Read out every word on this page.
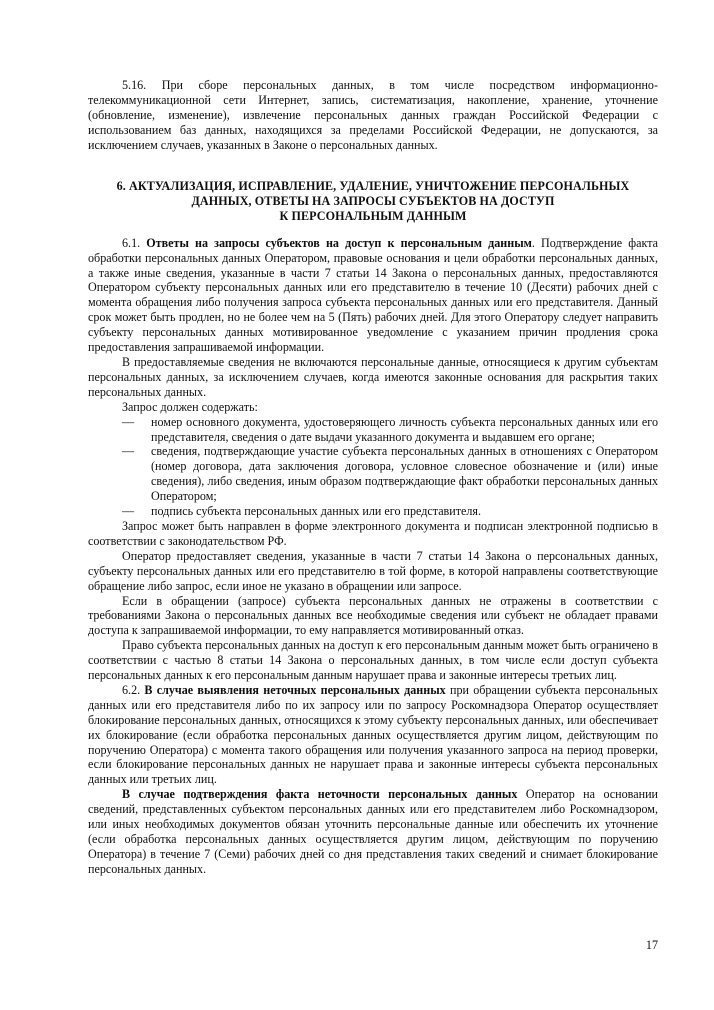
5.16. При сборе персональных данных, в том числе посредством информационно-телекоммуникационной сети Интернет, запись, систематизация, накопление, хранение, уточнение (обновление, изменение), извлечение персональных данных граждан Российской Федерации с использованием баз данных, находящихся за пределами Российской Федерации, не допускаются, за исключением случаев, указанных в Законе о персональных данных.

6. АКТУАЛИЗАЦИЯ, ИСПРАВЛЕНИЕ, УДАЛЕНИЕ, УНИЧТОЖЕНИЕ ПЕРСОНАЛЬНЫХ
ДАННЫХ, ОТВЕТЫ НА ЗАПРОСЫ СУБЪЕКТОВ НА ДОСТУП
К ПЕРСОНАЛЬНЫМ ДАННЫМ

6.1. Ответы на запросы субъектов на доступ к персональным данным. Подтверждение факта обработки персональных данных Оператором, правовые основания и цели обработки персональных данных, а также иные сведения, указанные в части 7 статьи 14 Закона о персональных данных, предоставляются Оператором субъекту персональных данных или его представителю в течение 10 (Десяти) рабочих дней с момента обращения либо получения запроса субъекта персональных данных или его представителя. Данный срок может быть продлен, но не более чем на 5 (Пять) рабочих дней. Для этого Оператору следует направить субъекту персональных данных мотивированное уведомление с указанием причин продления срока предоставления запрашиваемой информации.

В предоставляемые сведения не включаются персональные данные, относящиеся к другим субъектам персональных данных, за исключением случаев, когда имеются законные основания для раскрытия таких персональных данных.

Запрос должен содержать:

— номер основного документа, удостоверяющего личность субъекта персональных данных или его представителя, сведения о дате выдачи указанного документа и выдавшем его органе;
— сведения, подтверждающие участие субъекта персональных данных в отношениях с Оператором (номер договора, дата заключения договора, условное словесное обозначение и (или) иные сведения), либо сведения, иным образом подтверждающие факт обработки персональных данных Оператором;
— подпись субъекта персональных данных или его представителя.

Запрос может быть направлен в форме электронного документа и подписан электронной подписью в соответствии с законодательством РФ.

Оператор предоставляет сведения, указанные в части 7 статьи 14 Закона о персональных данных, субъекту персональных данных или его представителю в той форме, в которой направлены соответствующие обращение либо запрос, если иное не указано в обращении или запросе.

Если в обращении (запросе) субъекта персональных данных не отражены в соответствии с требованиями Закона о персональных данных все необходимые сведения или субъект не обладает правами доступа к запрашиваемой информации, то ему направляется мотивированный отказ.

Право субъекта персональных данных на доступ к его персональным данным может быть ограничено в соответствии с частью 8 статьи 14 Закона о персональных данных, в том числе если доступ субъекта персональных данных к его персональным данным нарушает права и законные интересы третьих лиц.

6.2. В случае выявления неточных персональных данных при обращении субъекта персональных данных или его представителя либо по их запросу или по запросу Роскомнадзора Оператор осуществляет блокирование персональных данных, относящихся к этому субъекту персональных данных, или обеспечивает их блокирование (если обработка персональных данных осуществляется другим лицом, действующим по поручению Оператора) с момента такого обращения или получения указанного запроса на период проверки, если блокирование персональных данных не нарушает права и законные интересы субъекта персональных данных или третьих лиц.

В случае подтверждения факта неточности персональных данных Оператор на основании сведений, представленных субъектом персональных данных или его представителем либо Роскомнадзором, или иных необходимых документов обязан уточнить персональные данные или обеспечить их уточнение (если обработка персональных данных осуществляется другим лицом, действующим по поручению Оператора) в течение 7 (Семи) рабочих дней со дня представления таких сведений и снимает блокирование персональных данных.

17
